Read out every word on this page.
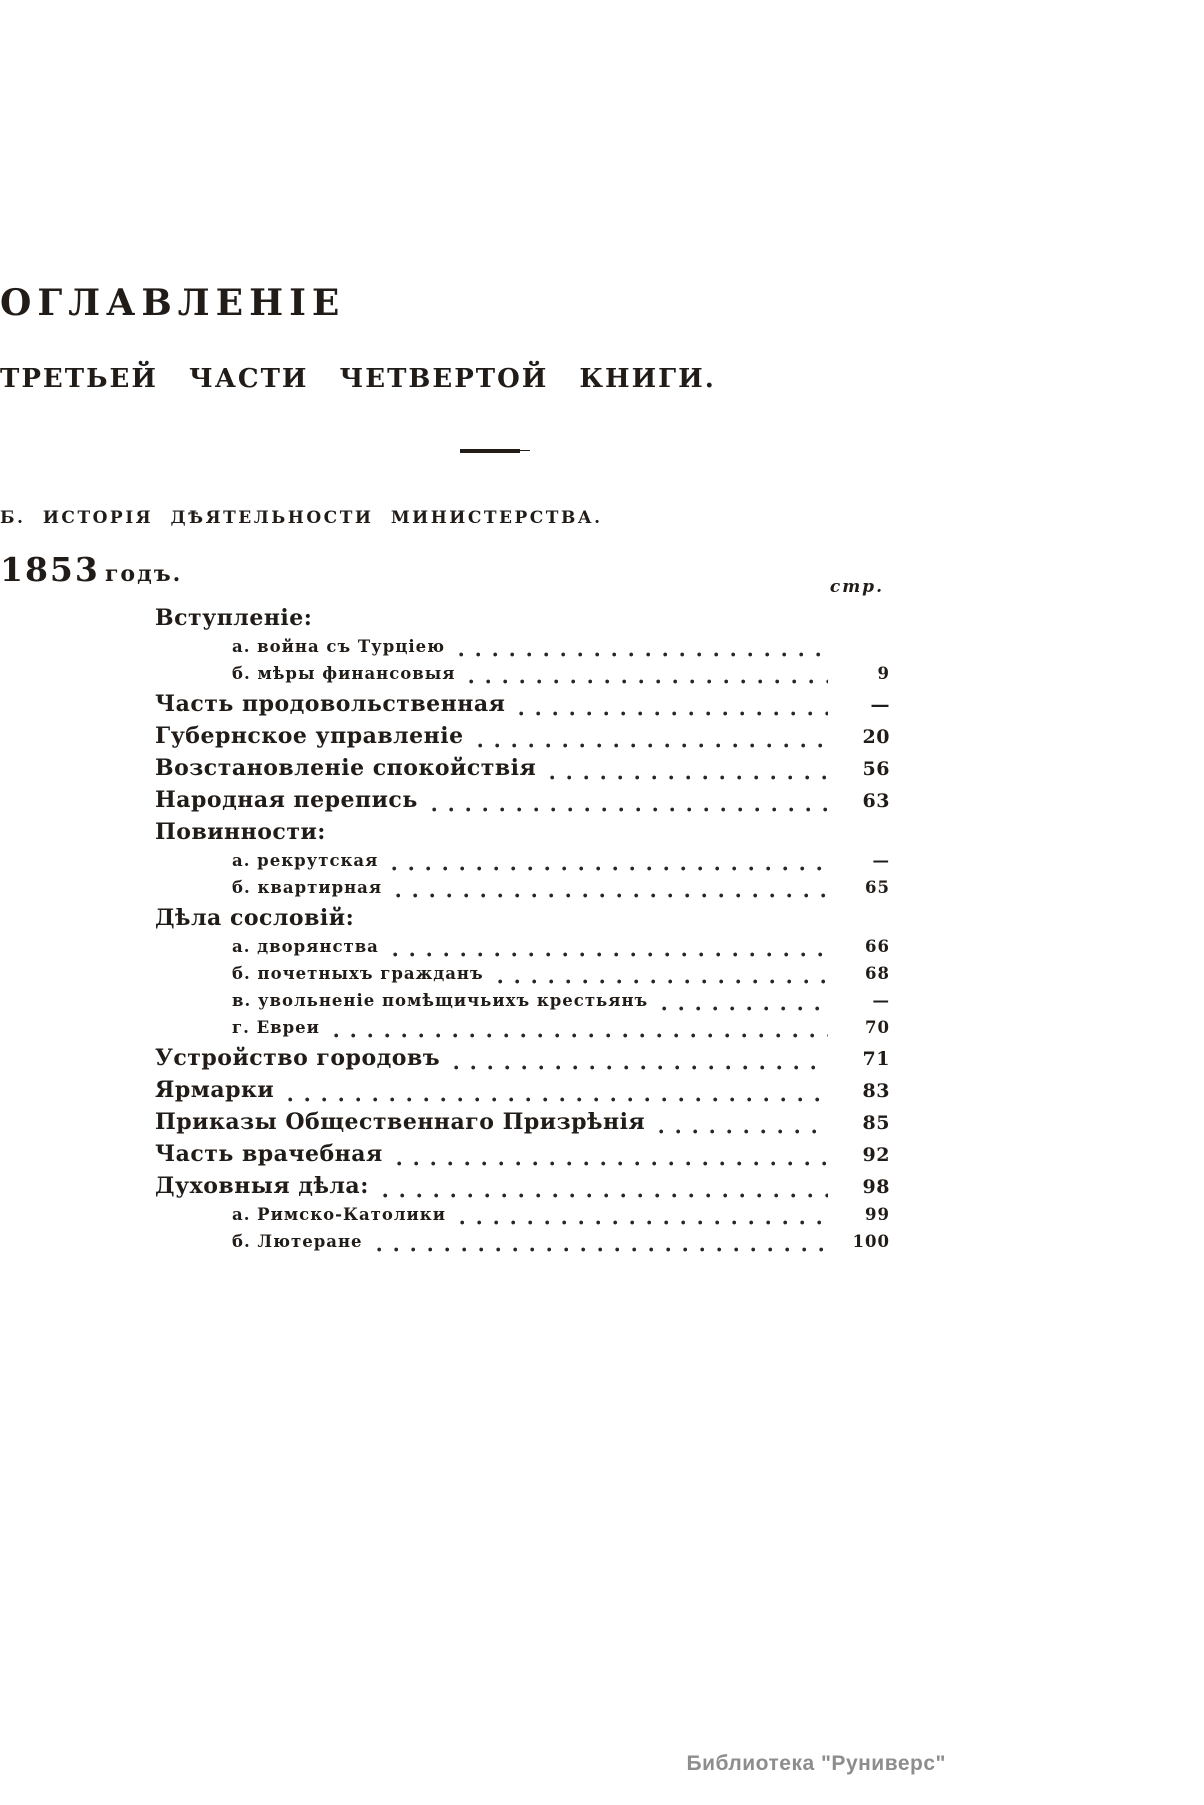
ОГЛАВЛЕНІЕ
ТРЕТЬЕЙ ЧАСТИ ЧЕТВЕРТОЙ КНИГИ.
Б. ИСТОРІЯ ДѢЯТЕЛЬНОСТИ МИНИСТЕРСТВА.
1853 годъ.	стр.
Вступленіе:
а. война съ Турціею
б. мѣры финансовыя	9
Часть продовольственная	—
Губернское управленіе	20
Возстановленіе спокойствія	56
Народная перепись	63
Повинности:
а. рекрутская	—
б. квартирная	65
Дѣла сословій:
а. дворянства	66
б. почетныхъ гражданъ	68
в. увольненіе помѣщичьихъ крестьянъ	—
г. Евреи	70
Устройство городовъ	71
Ярмарки	83
Приказы Общественнаго Призрѣнія	85
Часть врачебная	92
Духовныя дѣла:	98
а. Римско-Католики	99
б. Лютеране	100
Библиотека "Руниверс"
